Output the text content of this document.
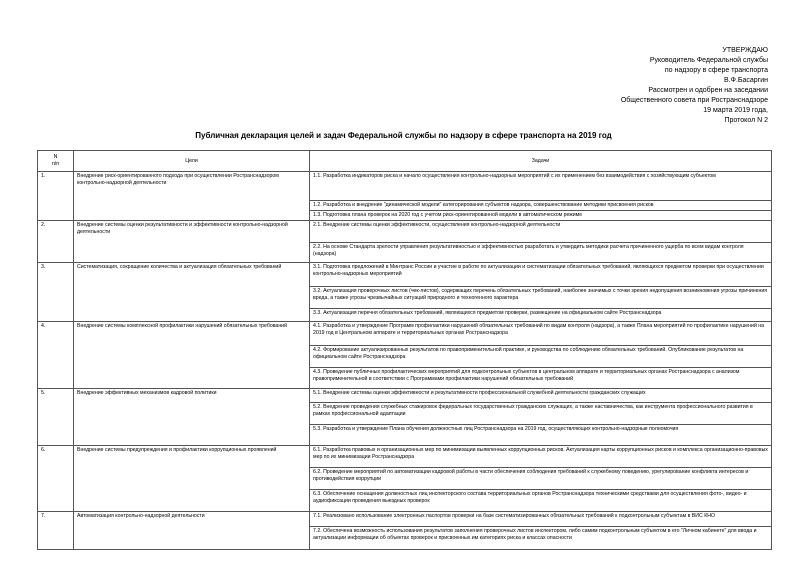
УТВЕРЖДАЮ
Руководитель Федеральной службы
по надзору в сфере транспорта
В.Ф.Басаргин
Рассмотрен и одобрен на заседании
Общественного совета при Ространснадзоре
19 марта 2019 года,
Протокол N 2
Публичная декларация целей и задач Федеральной службы по надзору в сфере транспорта на 2019 год
N
п/п	Цели	Задачи
1.	Внедрение риск-ориентированного подхода при осуществлении Ространснадзором контрольно-надзорной деятельности	1.1. Разработка индикаторов риска и начало осуществления контрольно-надзорных мероприятий с их применением без взаимодействия с хозяйствующим субъектом
		1.2. Разработка и внедрение "динамической модели" категорирования субъектов надзора, совершенствование методики присвоения рисков
		1.3. Подготовка плана проверок на 2020 год с учетом риск-ориентированной модели в автоматическом режиме
2.	Внедрение системы оценки результативности и эффективности контрольно-надзорной деятельности	2.1. Внедрение системы оценки эффективности, осуществления контрольно-надзорной деятельности
		2.2. На основе Стандарта зрелости управления результативностью и эффективностью разработать и утвердить методики расчета причиненного ущерба по всем видам контроля (надзора)
3.	Систематизация, сокращение количества и актуализация обязательных требований	3.1. Подготовка предложений в Минтранс России и участие в работе по актуализации и систематизации обязательных требований, являющихся предметом проверки при осуществлении контрольно-надзорных мероприятий
		3.2. Актуализация проверочных листов (чек-листов), содержащих перечень обязательных требований, наиболее значимых с точки зрения недопущения возникновения угрозы причинения вреда, а также угрозы чрезвычайных ситуаций природного и техногенного характера
		3.3. Актуализация перечня обязательных требований, являющихся предметом проверки, размещение на официальном сайте Ространснадзора
4.	Внедрение системы комплексной профилактики нарушений обязательных требований	4.1. Разработка и утверждение Программ профилактики нарушений обязательных требований по видам контроля (надзора), а также Плана мероприятий по профилактике нарушений на 2019 год в Центральном аппарате и территориальных органах Ространснадзора
		4.2. Формирование актуализированных результатов по правоприменительной практике, и руководства по соблюдению обязательных требований. Опубликование результатов на официальном сайте Ространснадзора
		4.3. Проведение публичных профилактических мероприятий для подконтрольных субъектов в центральном аппарате и территориальных органах Ространснадзора с анализом правоприменительной в соответствии с Программами профилактики нарушений обязательных требований
5.	Внедрение эффективных механизмов кадровой политики	5.1. Внедрение системы оценки эффективности и результативности профессиональной служебной деятельности гражданских служащих
		5.2. Внедрение проведения служебных стажировок федеральных государственных гражданских служащих, а также наставничества, как инструмента профессионального развития в рамках профессиональной адаптации
		5.3. Разработка и утверждение Плана обучения должностных лиц Ространснадзора на 2019 год, осуществляющих контрольно-надзорные полномочия
6.	Внедрение системы предупреждения и профилактики коррупционных проявлений	6.1. Разработка правовых и организационных мер по минимизации выявленных коррупционных рисков. Актуализация карты коррупционных рисков и комплекса организационно-правовых мер по их минимизации Ространснадзора
		6.2. Проведение мероприятий по автоматизации кадровой работы в части обеспечения соблюдения требований к служебному поведению, урегулирование конфликта интересов и противодействия коррупции
		6.3. Обеспечение оснащения должностных лиц инспекторского состава территориальных органов Ространснадзора техническими средствами для осуществления фото-, видео- и аудиофиксации проведения выездных проверок
7.	Автоматизация контрольно-надзорной деятельности	7.1. Реализовано использование электронных паспортов проверки на базе систематизированных обязательных требований к подконтрольным субъектам в ВИС КНО
		7.2. Обеспечена возможность использования результатов заполнения проверочных листов инспектором, либо самим подконтрольным субъектом в его "Личном кабинете" для ввода и актуализации информации об объектах проверок и присвоенных им категориях риска и классах опасности
